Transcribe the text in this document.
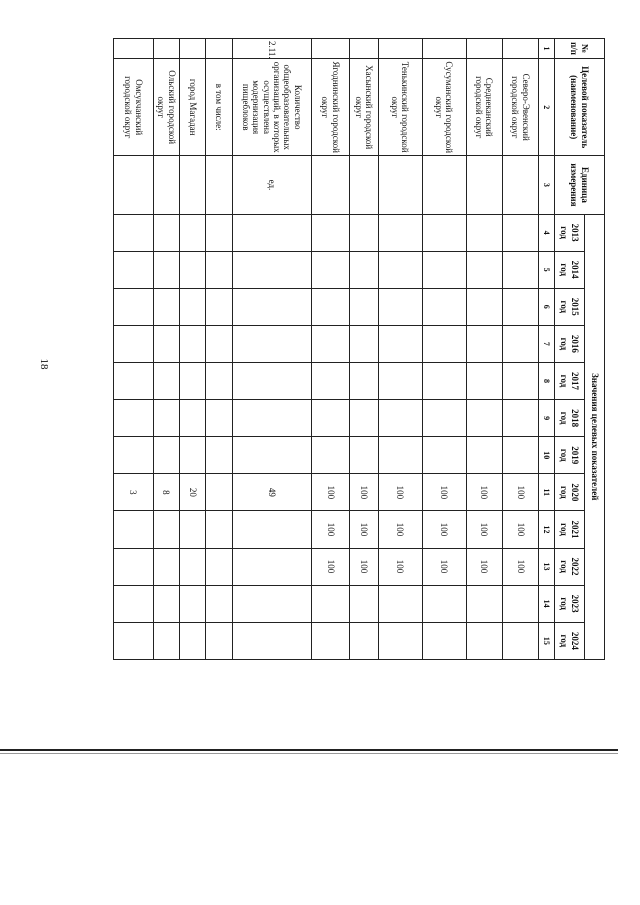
18
№ п/п	Целевой показатель (наименование)	Единица измерения	Значения целевых показателей											
			2013 год	2014 год	2015 год	2016 год	2017 год	2018 год	2019 год	2020 год	2021 год	2022 год	2023 год	2024 год
1	2	3	4	5	6	7	8	9	10	11	12	13	14	15
	Северо-Эвенский городской округ									100	100	100		
	Среднеканский городской округ									100	100	100		
	Сусуманский городской округ									100	100	100		
	Тенькинский городской округ									100	100	100		
	Хасынский городской округ									100	100	100		
	Ягоднинский городской округ									100	100	100		
2.11.	Количество общеобразовательных организаций, в которых осуществлена модернизация пищеблоков	ед.								49				
	в том числе:													
	город Магадан									20				
	Ольский городской округ									8				
	Омсукчанский городской округ									3				
